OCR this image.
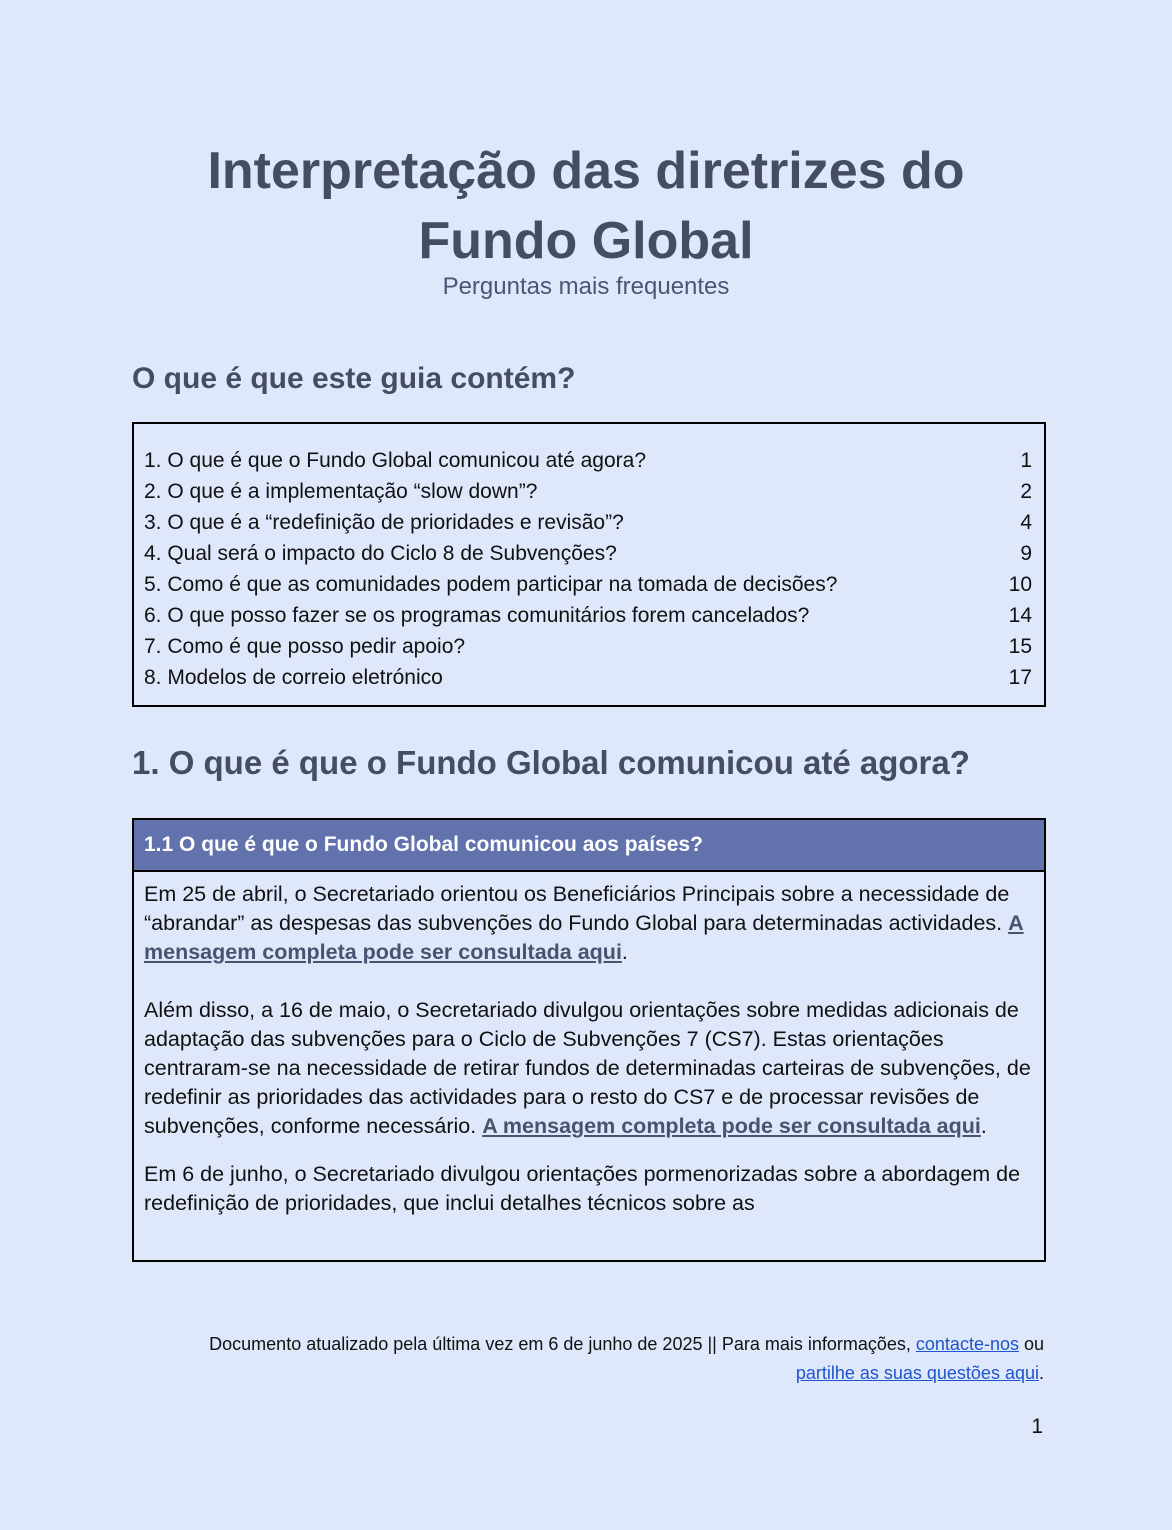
Interpretação das diretrizes do
Fundo Global
Perguntas mais frequentes
O que é que este guia contém?
1. O que é que o Fundo Global comunicou até agora?	1
2. O que é a implementação “slow down”?	2
3. O que é a “redefinição de prioridades e revisão”?	4
4. Qual será o impacto do Ciclo 8 de Subvenções?	9
5. Como é que as comunidades podem participar na tomada de decisões?	10
6. O que posso fazer se os programas comunitários forem cancelados?	14
7. Como é que posso pedir apoio?	15
8. Modelos de correio eletrónico	17
1. O que é que o Fundo Global comunicou até agora?
1.1 O que é que o Fundo Global comunicou aos países?

Em 25 de abril, o Secretariado orientou os Beneficiários Principais sobre a necessidade de “abrandar” as despesas das subvenções do Fundo Global para determinadas actividades. A mensagem completa pode ser consultada aqui.

Além disso, a 16 de maio, o Secretariado divulgou orientações sobre medidas adicionais de adaptação das subvenções para o Ciclo de Subvenções 7 (CS7). Estas orientações centraram-se na necessidade de retirar fundos de determinadas carteiras de subvenções, de redefinir as prioridades das actividades para o resto do CS7 e de processar revisões de subvenções, conforme necessário. A mensagem completa pode ser consultada aqui.

Em 6 de junho, o Secretariado divulgou orientações pormenorizadas sobre a abordagem de redefinição de prioridades, que inclui detalhes técnicos sobre as

Documento atualizado pela última vez em 6 de junho de 2025 || Para mais informações, contacte-nos ou
partilhe as suas questões aqui.
1
